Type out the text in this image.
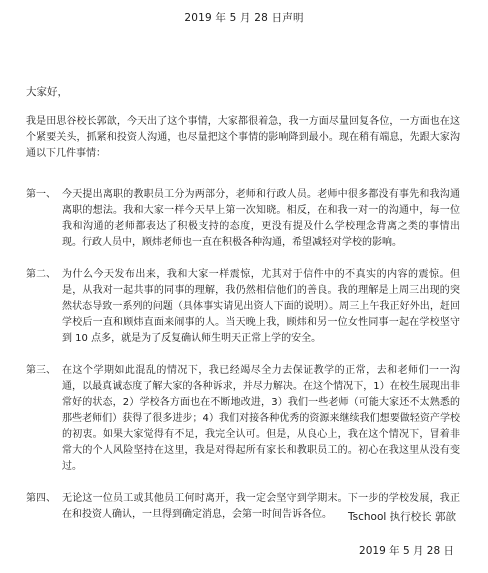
2019 年 5 月 28 日声明
大家好，
我是田思谷校长郭歆，今天出了这个事情，大家都很着急，我一方面尽量回复各位，一方面也在这个紧要关头，抓紧和投资人沟通，也尽量把这个事情的影响降到最小。现在稍有端息，先跟大家沟通以下几件事情：
第一、 今天提出离职的教职员工分为两部分，老师和行政人员。老师中很多都没有事先和我沟通离职的想法。我和大家一样今天早上第一次知晓。相反，在和我一对一的沟通中，每一位我和沟通的老师都表达了积极支持的态度，更没有提及什么学校理念背离之类的事情出现。行政人员中，顾炜老师也一直在积极各种沟通，希望减轻对学校的影响。
第二、 为什么今天发布出来，我和大家一样震惊，尤其对于信件中的不真实的内容的震惊。但是，从我对一起共事的同事的理解，我仍然相信他们的善良。我的理解是上周三出现的突然状态导致一系列的问题（具体事实请见出资人下面的说明）。周三上午我正好外出，赶回学校后一直和顾炜直面来闹事的人。当天晚上我，顾炜和另一位女性同事一起在学校坚守到 10 点多，就是为了反复确认师生明天正常上学的安全。
第三、 在这个学期如此混乱的情况下，我已经竭尽全力去保证教学的正常，去和老师们一一沟通，以最真诚态度了解大家的各种诉求，并尽力解决。在这个情况下，1）在校生展现出非常好的状态，2）学校各方面也在不断地改进，3）我们一些老师（可能大家还不太熟悉的那些老师们）获得了很多进步；4）我们对接各种优秀的资源来继续我们想要做轻资产学校的初衷。如果大家觉得有不足，我完全认可。但是，从良心上，我在这个情况下，冒着非常大的个人风险坚持在这里，我是对得起所有家长和教职员工的。初心在我这里从没有变过。
第四、 无论这一位员工或其他员工何时离开，我一定会坚守到学期末。下一步的学校发展，我正在和投资人确认，一旦得到确定消息，会第一时间告诉各位。	Tschool 执行校长 郭歆
2019 年 5 月 28 日
